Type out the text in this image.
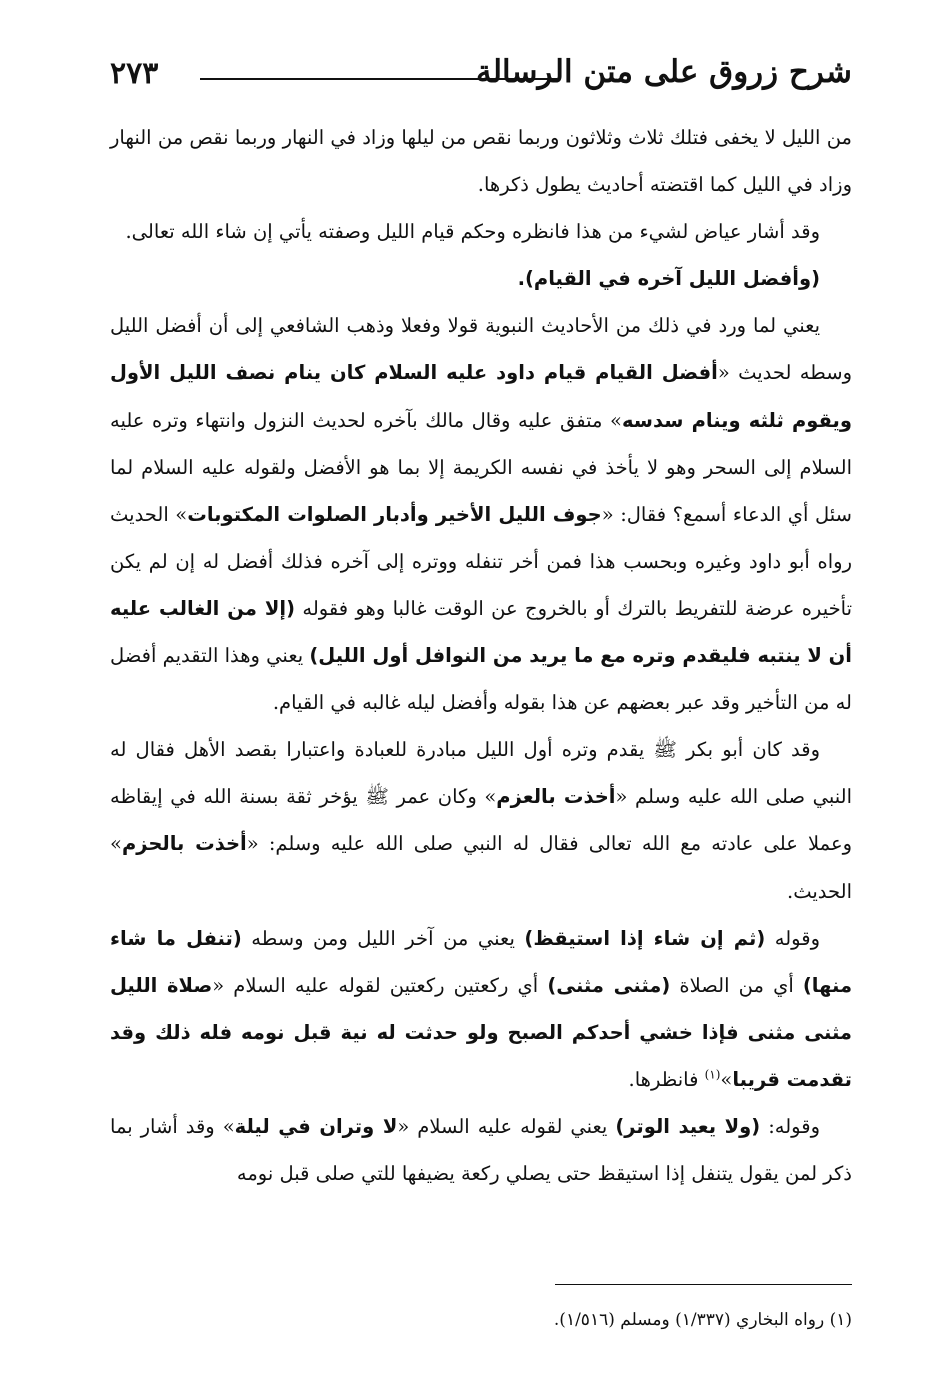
شرح زروق على متن الرسالة
٢٧٣

من الليل لا يخفى فتلك ثلاث وثلاثون وربما نقص من ليلها وزاد في النهار وربما نقص من النهار وزاد في الليل كما اقتضته أحاديث يطول ذكرها.

وقد أشار عياض لشيء من هذا فانظره وحكم قيام الليل وصفته يأتي إن شاء الله تعالى.

(وأفضل الليل آخره في القيام).

يعني لما ورد في ذلك من الأحاديث النبوية قولا وفعلا وذهب الشافعي إلى أن أفضل الليل وسطه لحديث «أفضل القيام قيام داود عليه السلام كان ينام نصف الليل الأول ويقوم ثلثه وينام سدسه» متفق عليه وقال مالك بآخره لحديث النزول وانتهاء وتره عليه السلام إلى السحر وهو لا يأخذ في نفسه الكريمة إلا بما هو الأفضل ولقوله عليه السلام لما سئل أي الدعاء أسمع؟ فقال: «جوف الليل الأخير وأدبار الصلوات المكتوبات» الحديث رواه أبو داود وغيره وبحسب هذا فمن أخر تنفله ووتره إلى آخره فذلك أفضل له إن لم يكن تأخيره عرضة للتفريط بالترك أو بالخروج عن الوقت غالبا وهو فقوله (إلا من الغالب عليه أن لا ينتبه فليقدم وتره مع ما يريد من النوافل أول الليل) يعني وهذا التقديم أفضل له من التأخير وقد عبر بعضهم عن هذا بقوله وأفضل ليله غالبه في القيام.

وقد كان أبو بكر ﷺ يقدم وتره أول الليل مبادرة للعبادة واعتبارا بقصد الأهل فقال له النبي صلى الله عليه وسلم «أخذت بالعزم» وكان عمر ﷺ يؤخر ثقة بسنة الله في إيقاظه وعملا على عادته مع الله تعالى فقال له النبي صلى الله عليه وسلم: «أخذت بالحزم» الحديث.

وقوله (ثم إن شاء إذا استيقظ) يعني من آخر الليل ومن وسطه (تنفل ما شاء منها) أي من الصلاة (مثنى مثنى) أي ركعتين ركعتين لقوله عليه السلام «صلاة الليل مثنى مثنى فإذا خشي أحدكم الصبح ولو حدثت له نية قبل نومه فله ذلك وقد تقدمت قريبا»$^{(١)}$ فانظرها.

وقوله: (ولا يعيد الوتر) يعني لقوله عليه السلام «لا وتران في ليلة» وقد أشار بما ذكر لمن يقول يتنفل إذا استيقظ حتى يصلي ركعة يضيفها للتي صلى قبل نومه

(١) رواه البخاري (١/٣٣٧) ومسلم (١/٥١٦).
